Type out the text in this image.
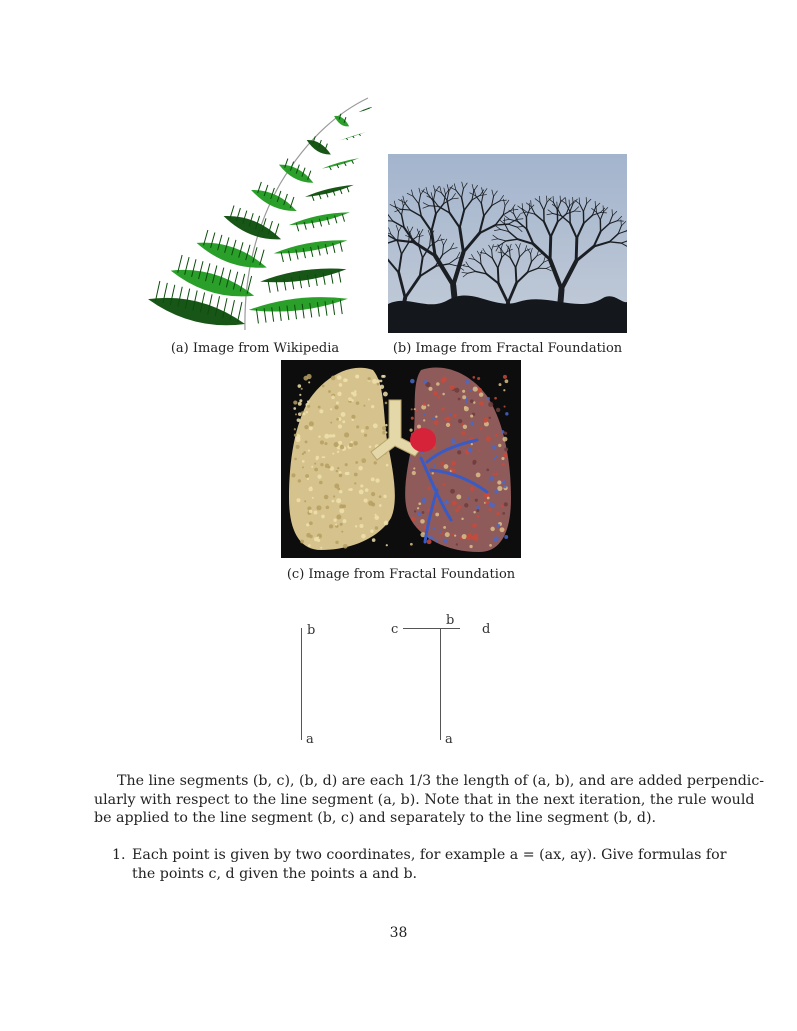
(a) Image from Wikipedia	(b) Image from Fractal Foundation
(c) Image from Fractal Foundation
b
a
c
b
d
a
The line segments (b, c), (b, d) are each 1/3 the length of (a, b), and are added perpendic-
ularly with respect to the line segment (a, b). Note that in the next iteration, the rule would
be applied to the line segment (b, c) and separately to the line segment (b, d).
1. Each point is given by two coordinates, for example a = (ax, ay). Give formulas for
the points c, d given the points a and b.
38
